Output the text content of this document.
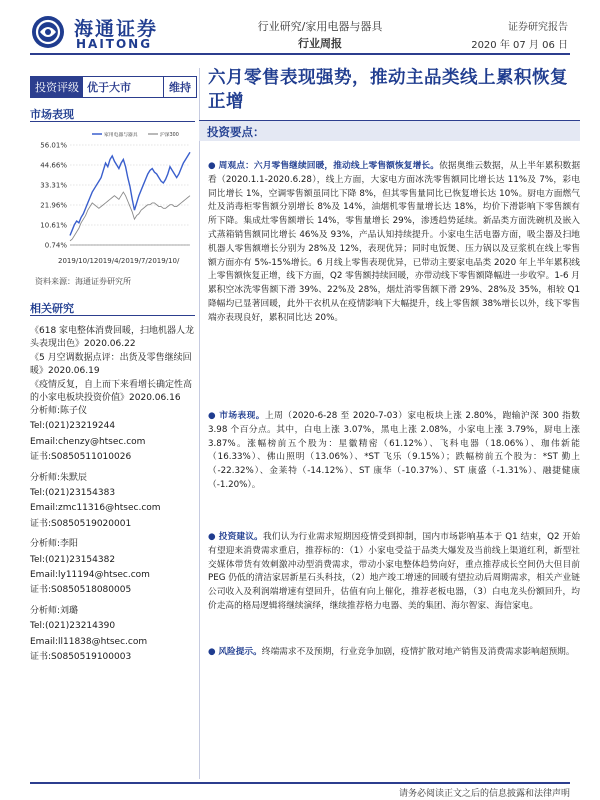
海通证券
HAITONG
行业研究/家用电器与器具
行业周报
证券研究报告
2020 年 07 月 06 日
投资评级 优于大市	维持
市场表现
56.01%
44.66%
33.31%
21.96%
10.61%
0.74%
家用电器与器具	沪深300
2019/10/12019/4/2019/7/2019/10/
资料来源：海通证券研究所
相关研究
《618 家电整体消费回暖，扫地机器人龙头表现出色》2020.06.22
《5 月空调数据点评：出货及零售继续回暖》2020.06.19
《疫情反复，自上而下来看增长确定性高的小家电板块投资价值》2020.06.16
分析师:陈子仪
Tel:(021)23219244
Email:chenzy@htsec.com
证书:S0850511010026
分析师:朱默辰
Tel:(021)23154383
Email:zmc11316@htsec.com
证书:S0850519020001
分析师:李阳
Tel:(021)23154382
Email:ly11194@htsec.com
证书:S0850518080005
分析师:刘璐
Tel:(021)23214390
Email:ll11838@htsec.com
证书:S0850519100003
六月零售表现强势，推动主品类线上累积恢复正增
投资要点：
● 周观点：六月零售继续回暖，推动线上零售额恢复增长。依据奥维云数据，从上半年累积数据看（2020.1.1-2020.6.28），线上方面，大家电方面冰洗零售额同比增长达 11%及 7%，彩电同比增长 1%，空调零售额虽同比下降 8%，但其零售量同比已恢复增长达 10%。厨电方面燃气灶及消毒柜零售额分别增长 8%及 14%，油烟机零售量增长达 18%，均价下滑影响下零售额有所下降。集成灶零售额增长 14%，零售量增长 29%，渗透趋势延续。新品类方面洗碗机及嵌入式蒸箱销售额同比增长 46%及 93%，产品认知持续提升。小家电生活电器方面，吸尘器及扫地机器人零售额增长分别为 28%及 12%，表现优异；同时电饭煲、压力锅以及豆浆机在线上零售额方面亦有 5%-15%增长。6 月线上零售表现优异，已带动主要家电品类 2020 年上半年累积线上零售额恢复正增，线下方面，Q2 零售额持续回暖，亦带动线下零售额降幅进一步收窄。1-6 月累积空冰洗零售额下滑 39%、22%及 28%，烟灶消零售额下滑 29%、28%及 35%，相较 Q1 降幅均已显著回暖，此外干衣机从在疫情影响下大幅提升，线上零售额 38%增长以外，线下零售端亦表现良好，累积同比达 20%。
● 市场表现。上周（2020-6-28 至 2020-7-03）家电板块上涨 2.80%，跑输沪深 300 指数 3.98 个百分点。其中，白电上涨 3.07%，黑电上涨 2.08%，小家电上涨 3.79%，厨电上涨 3.87%。涨幅榜前五个股为：星徽精密（61.12%）、飞科电器（18.06%）、珈伟新能（16.33%）、佛山照明（13.06%）、*ST 飞乐（9.15%）；跌幅榜前五个股为：*ST 勤上（-22.32%）、金莱特（-14.12%）、ST 康华（-10.37%）、ST 康盛（-1.31%）、融捷健康（-1.20%）。
● 投资建议。我们认为行业需求短期因疫情受到抑制，国内市场影响基本于 Q1 结束，Q2 开始有望迎来消费需求重启，推荐标的：（1）小家电受益于品类大爆发及当前线上渠道红利，新型社交媒体带货有效刺激冲动型消费需求，带动小家电整体趋势向好，重点推荐成长空间仍大但目前 PEG 仍低的清洁家居新星石头科技，（2）地产竣工增速的回暖有望拉动后周期需求，相关产业链公司收入及利润端增速有望回升，估值有向上催化，推荐老板电器，（3）白电龙头份额回升，均价走高的格局逻辑将继续演绎，继续推荐格力电器、美的集团、海尔智家、海信家电。
● 风险提示。终端需求不及预期，行业竞争加剧，疫情扩散对地产销售及消费需求影响超预期。
请务必阅读正文之后的信息披露和法律声明
